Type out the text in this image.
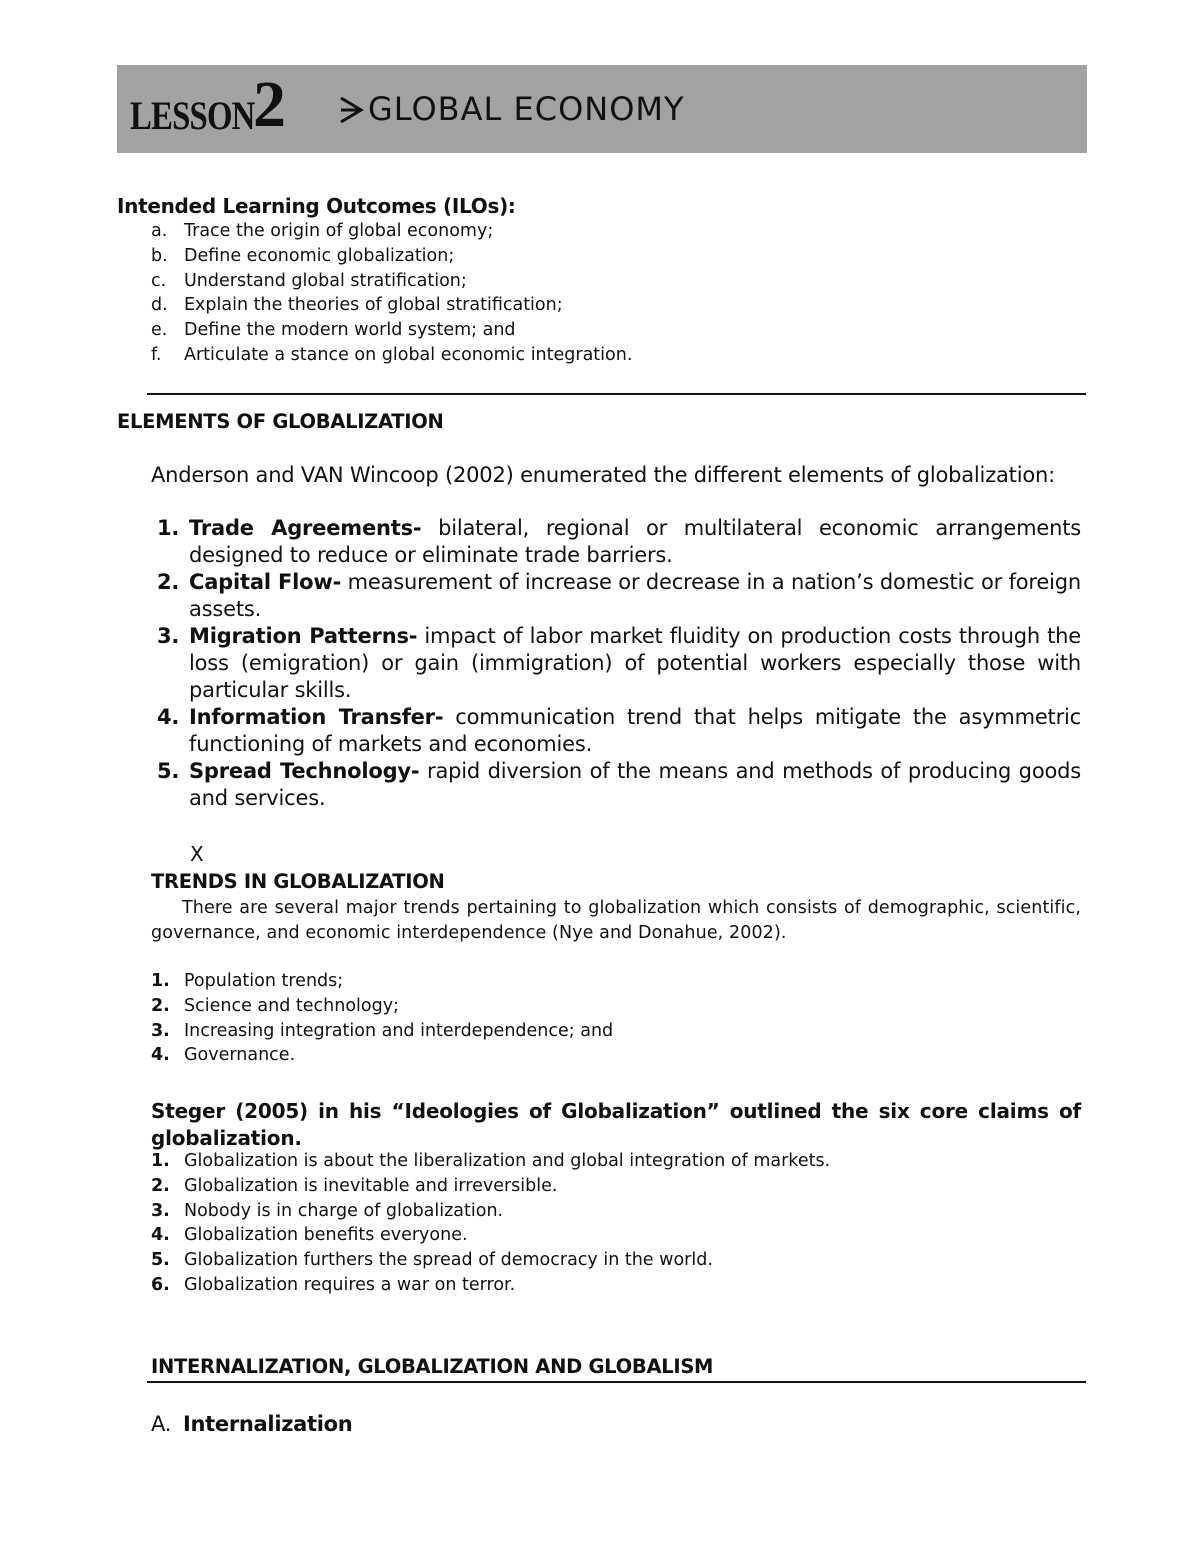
LESSON
2	GLOBAL ECONOMY
Intended Learning Outcomes (ILOs):
a. Trace the origin of global economy;
b. Define economic globalization;
c.	Understand global stratification;
d. Explain the theories of global stratification;
e. Define the modern world system; and
f.	Articulate a stance on global economic integration.
ELEMENTS OF GLOBALIZATION
Anderson and VAN Wincoop (2002) enumerated the different elements of globalization:
1. Trade Agreements- bilateral, regional or multilateral economic arrangements designed to reduce or eliminate trade barriers.
2. Capital Flow- measurement of increase or decrease in a nation’s domestic or foreign assets.
3. Migration Patterns- impact of labor market fluidity on production costs through the loss (emigration) or gain (immigration) of potential workers especially those with particular skills.
4. Information Transfer- communication trend that helps mitigate the asymmetric functioning of markets and economies.
5. Spread Technology- rapid diversion of the means and methods of producing goods and services.
X
TRENDS IN GLOBALIZATION
There are several major trends pertaining to globalization which consists of demographic, scientific, governance, and economic interdependence (Nye and Donahue, 2002).
1. Population trends;
2. Science and technology;
3. Increasing integration and interdependence; and
4. Governance.
Steger (2005) in his “Ideologies of Globalization” outlined the six core claims of globalization.
1. Globalization is about the liberalization and global integration of markets.
2. Globalization is inevitable and irreversible.
3. Nobody is in charge of globalization.
4. Globalization benefits everyone.
5. Globalization furthers the spread of democracy in the world.
6. Globalization requires a war on terror.
INTERNALIZATION, GLOBALIZATION AND GLOBALISM
A. Internalization
